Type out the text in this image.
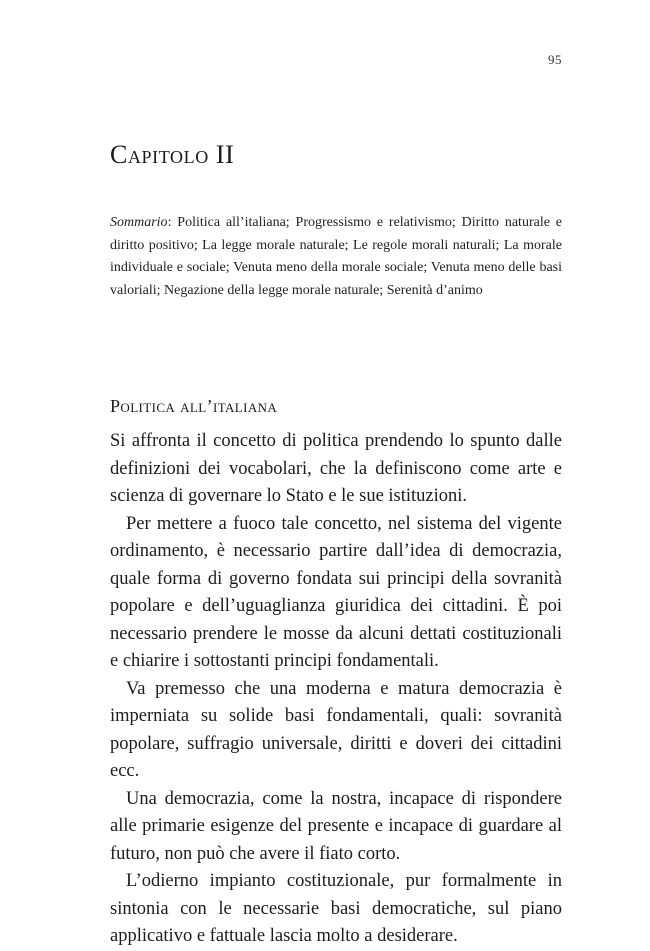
95
Capitolo II

Sommario: Politica all’italiana; Progressismo e relativismo; Diritto naturale e diritto positivo; La legge morale naturale; Le regole morali naturali; La morale individuale e sociale; Venuta meno della morale sociale; Venuta meno delle basi valoriali; Negazione della legge morale naturale; Serenità d’animo

Politica all’italiana

Si affronta il concetto di politica prendendo lo spunto dalle definizioni dei vocabolari, che la definiscono come arte e scienza di governare lo Stato e le sue istituzioni.

Per mettere a fuoco tale concetto, nel sistema del vigente ordinamento, è necessario partire dall’idea di democrazia, quale forma di governo fondata sui principi della sovranità popolare e dell’uguaglianza giuridica dei cittadini. È poi necessario prendere le mosse da alcuni dettati costituzionali e chiarire i sottostanti principi fondamentali.

Va premesso che una moderna e matura democrazia è imperniata su solide basi fondamentali, quali: sovranità popolare, suffragio universale, diritti e doveri dei cittadini ecc.

Una democrazia, come la nostra, incapace di rispondere alle primarie esigenze del presente e incapace di guardare al futuro, non può che avere il fiato corto.

L’odierno impianto costituzionale, pur formalmente in sintonia con le necessarie basi democratiche, sul piano applicativo e fattuale lascia molto a desiderare.
